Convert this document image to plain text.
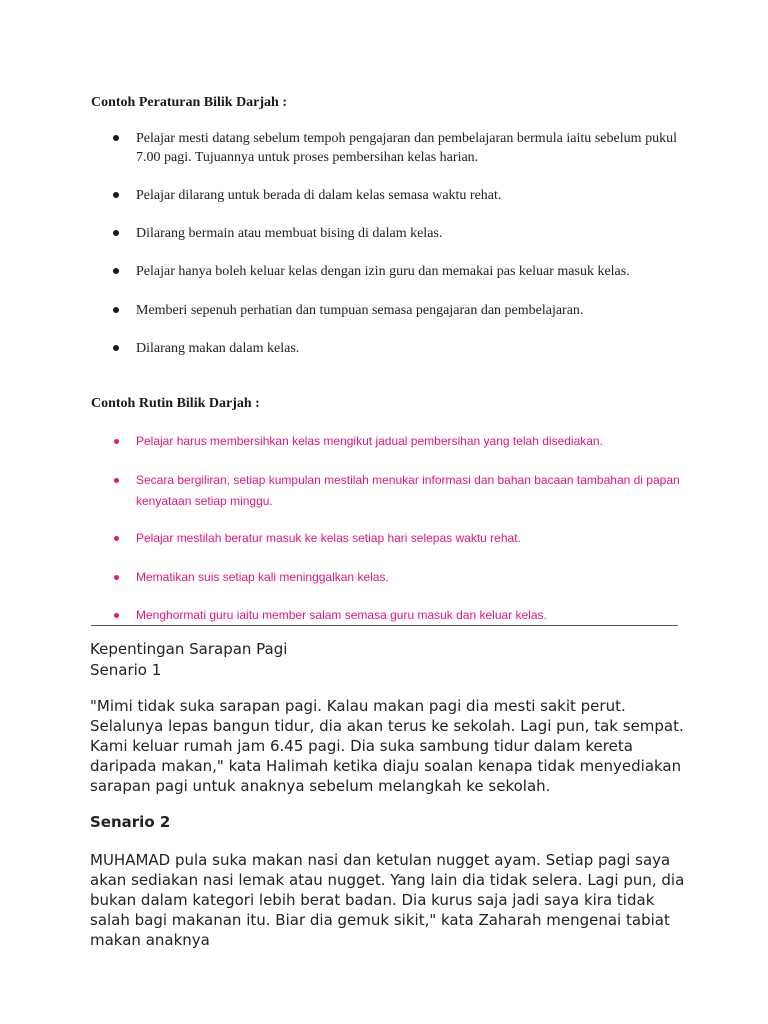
Contoh Peraturan Bilik Darjah :
Pelajar mesti datang sebelum tempoh pengajaran dan pembelajaran bermula iaitu sebelum pukul 7.00 pagi. Tujuannya untuk proses pembersihan kelas harian.
Pelajar dilarang untuk berada di dalam kelas semasa waktu rehat.
Dilarang bermain atau membuat bising di dalam kelas.
Pelajar hanya boleh keluar kelas dengan izin guru dan memakai pas keluar masuk kelas.
Memberi sepenuh perhatian dan tumpuan semasa pengajaran dan pembelajaran.
Dilarang makan dalam kelas.
Contoh Rutin Bilik Darjah :
Pelajar harus membersihkan kelas mengikut jadual pembersihan yang telah disediakan.
Secara bergiliran, setiap kumpulan mestilah menukar informasi dan bahan bacaan tambahan di papan kenyataan setiap minggu.
Pelajar mestilah beratur masuk ke kelas setiap hari selepas waktu rehat.
Mematikan suis setiap kali meninggalkan kelas.
Menghormati guru iaitu member salam semasa guru masuk dan keluar kelas.
Kepentingan Sarapan Pagi

Senario 1

"Mimi tidak suka sarapan pagi. Kalau makan pagi dia mesti sakit perut. Selalunya lepas bangun tidur, dia akan terus ke sekolah. Lagi pun, tak sempat. Kami keluar rumah jam 6.45 pagi. Dia suka sambung tidur dalam kereta daripada makan," kata Halimah ketika diaju soalan kenapa tidak menyediakan sarapan pagi untuk anaknya sebelum melangkah ke sekolah.

Senario 2

MUHAMAD pula suka makan nasi dan ketulan nugget ayam. Setiap pagi saya akan sediakan nasi lemak atau nugget. Yang lain dia tidak selera. Lagi pun, dia bukan dalam kategori lebih berat badan. Dia kurus saja jadi saya kira tidak salah bagi makanan itu. Biar dia gemuk sikit," kata Zaharah mengenai tabiat makan anaknya
